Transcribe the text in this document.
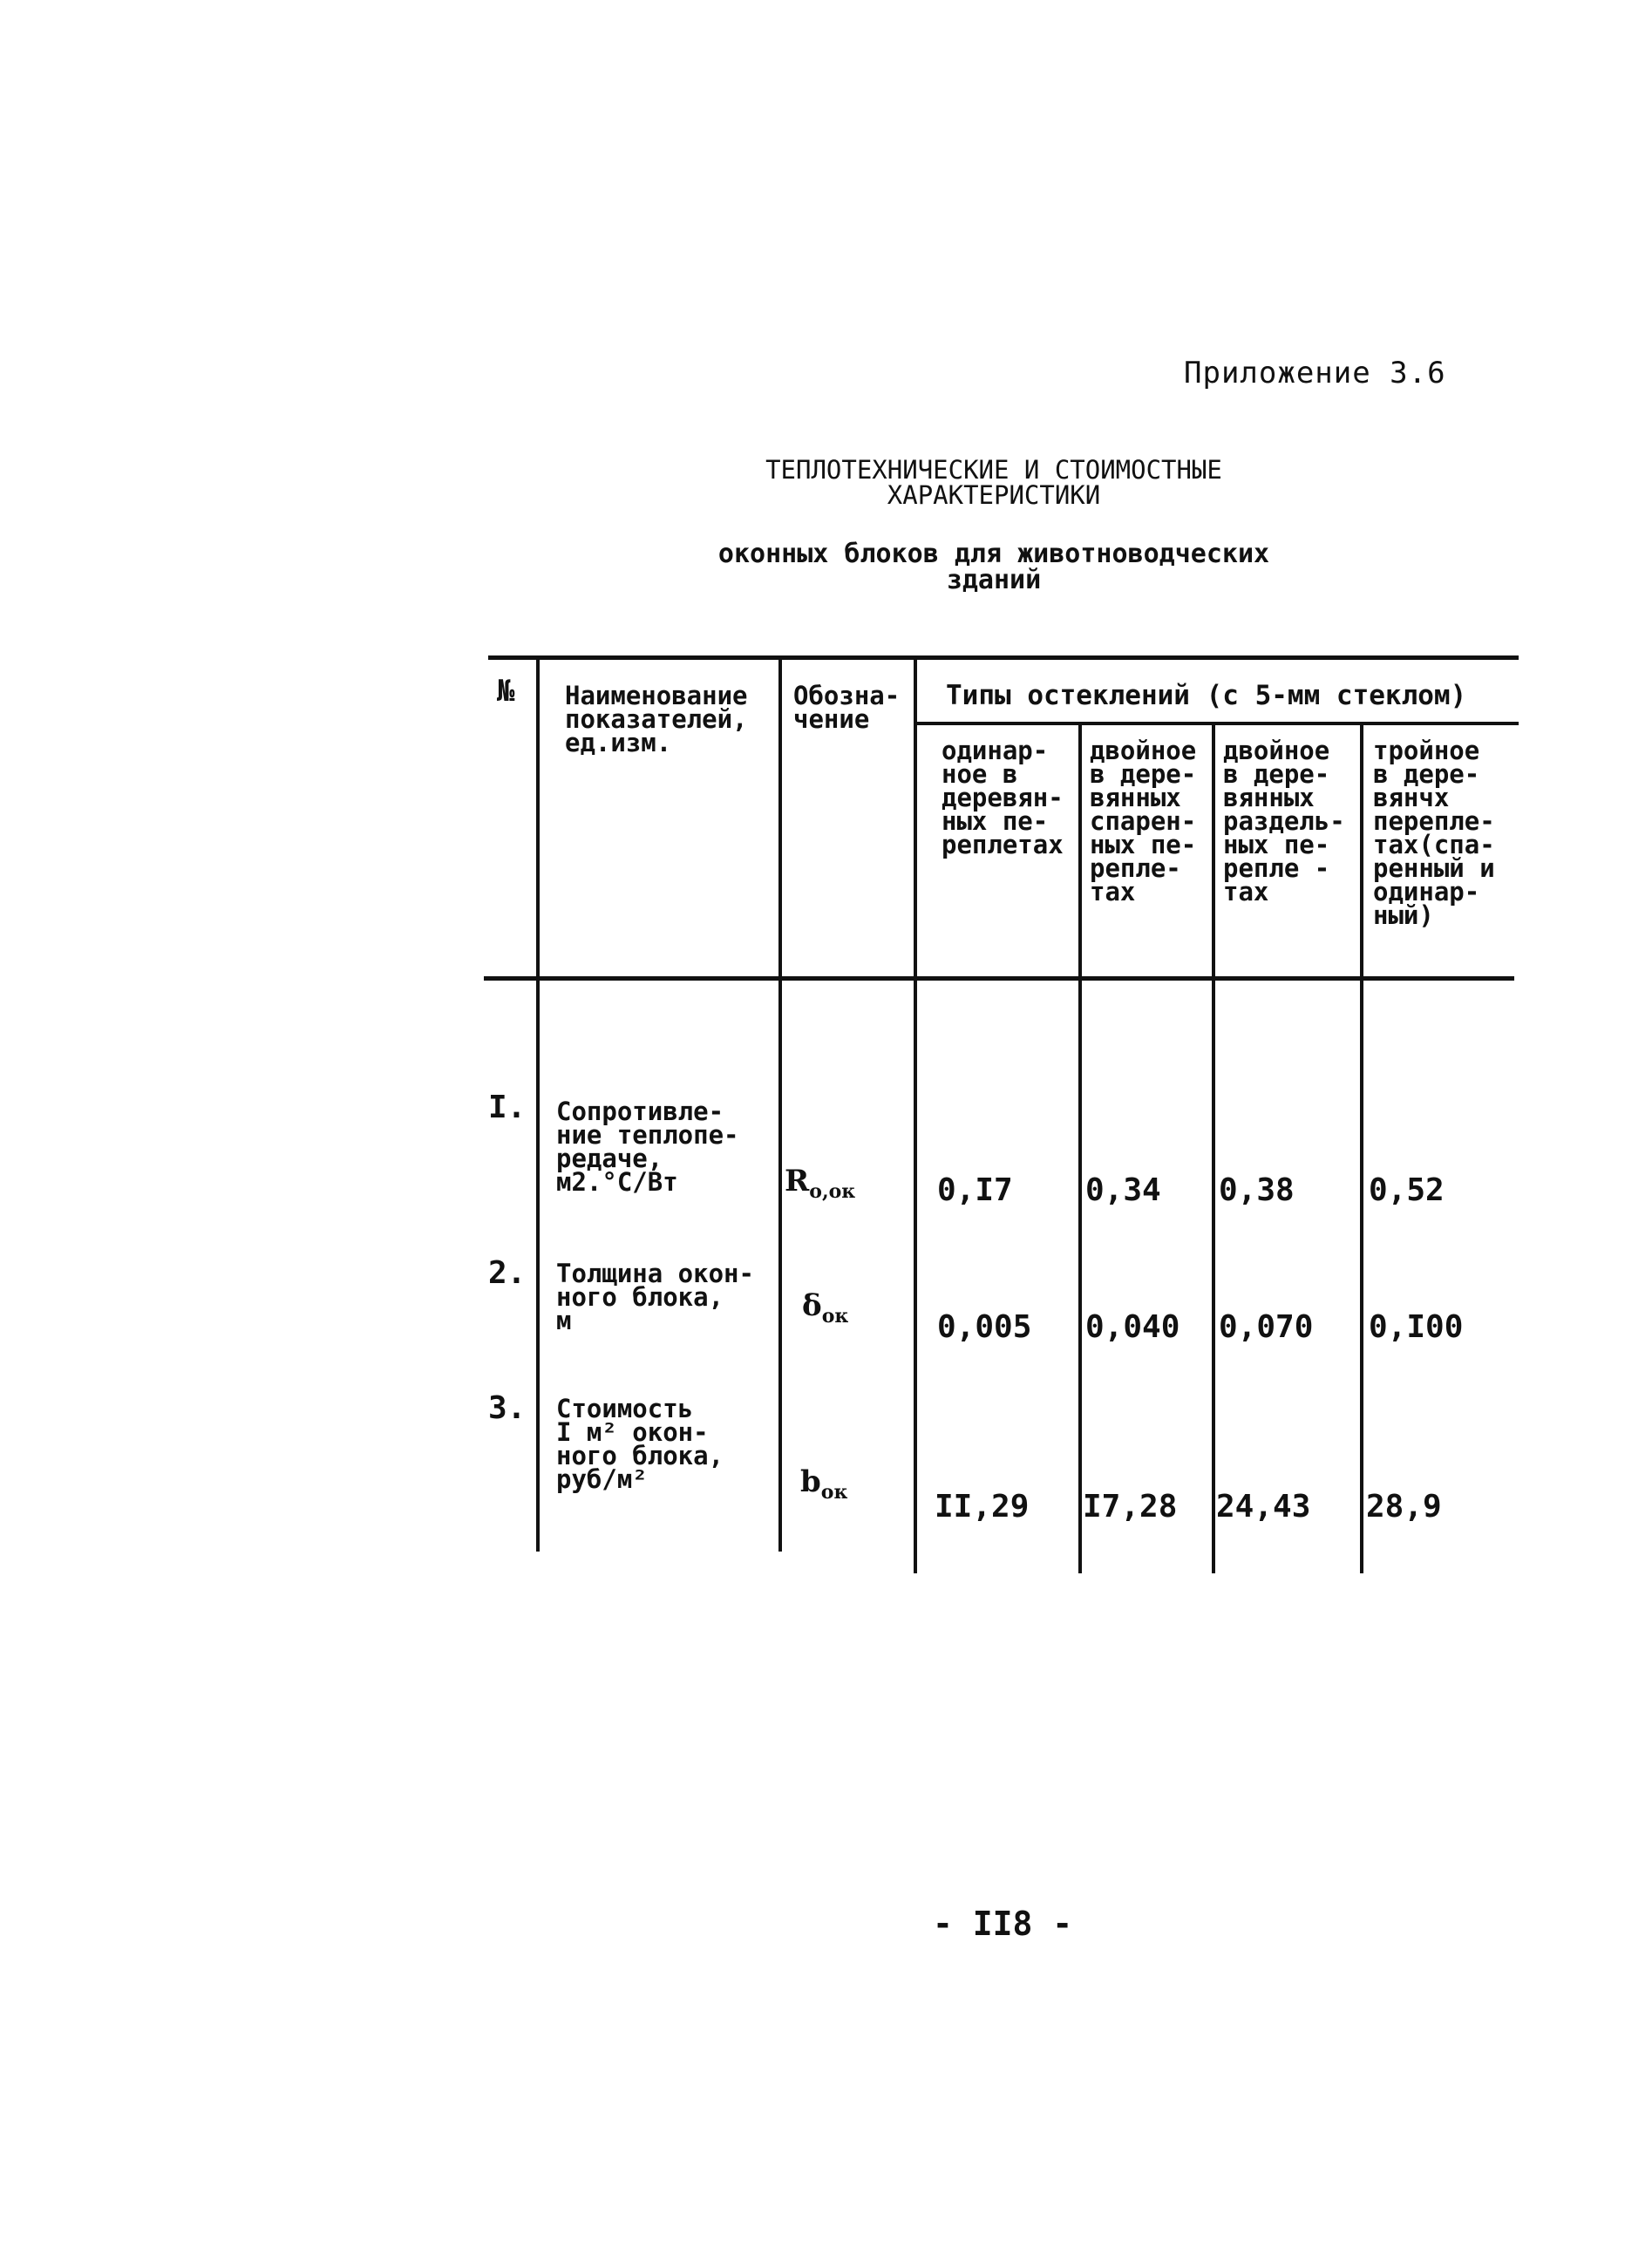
Приложение 3.6
ТЕПЛОТЕХНИЧЕСКИЕ И СТОИМОСТНЫЕ
ХАРАКТЕРИСТИКИ
оконных блоков для животноводческих
зданий
№ Наименование
показателей,
ед.изм.
Обозна-
чение
Типы остеклений (с 5-мм стеклом)
одинар-
ное в
деревян-
ных пе-
реплетах
двойное
в дере-
вянных
спарен-
ных пе-
репле-
тах
двойное
в дере-
вянных
раздель-
ных пе-
репле -
тах
тройное
в дере-
вянчх
перепле-
тах(спа-
ренный и
одинар-
ный)
I. Сопротивле-
ние теплопе-
редаче,
м2.°С/Вт	$R_{о,ок}$	0,I7 0,34 0,38 0,52
2. Толщина окон-
ного блока,
м	$\delta_{ок}$	0,005 0,040 0,070 0,I00
3. Стоимость
I м² окон-
ного блока,
руб/м²	$b_{ок}$	II,29 I7,28 24,43 28,9
- II8 -
